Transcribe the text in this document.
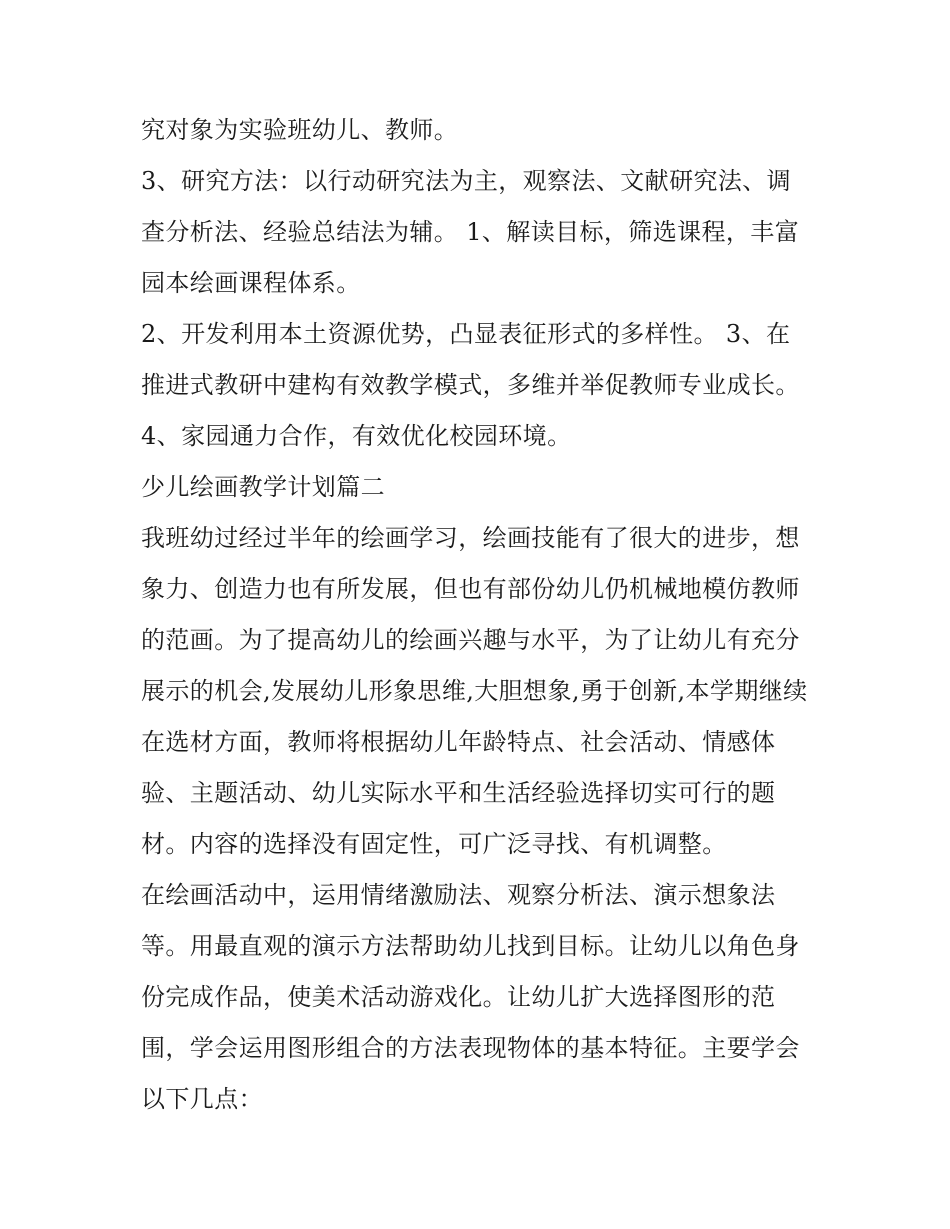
究对象为实验班幼儿、教师。

3、研究方法：以行动研究法为主，观察法、文献研究法、调

查分析法、经验总结法为辅。 1、解读目标，筛选课程，丰富

园本绘画课程体系。

2、开发利用本土资源优势，凸显表征形式的多样性。 3、在

推进式教研中建构有效教学模式，多维并举促教师专业成长。

4、家园通力合作，有效优化校园环境。

少儿绘画教学计划篇二

我班幼过经过半年的绘画学习，绘画技能有了很大的进步，想

象力、创造力也有所发展，但也有部份幼儿仍机械地模仿教师

的范画。为了提高幼儿的绘画兴趣与水平，为了让幼儿有充分

展示的机会,发展幼儿形象思维,大胆想象,勇于创新,本学期继续

在选材方面，教师将根据幼儿年龄特点、社会活动、情感体

验、主题活动、幼儿实际水平和生活经验选择切实可行的题

材。内容的选择没有固定性，可广泛寻找、有机调整。

在绘画活动中，运用情绪激励法、观察分析法、演示想象法

等。用最直观的演示方法帮助幼儿找到目标。让幼儿以角色身

份完成作品，使美术活动游戏化。让幼儿扩大选择图形的范

围，学会运用图形组合的方法表现物体的基本特征。主要学会

以下几点：
